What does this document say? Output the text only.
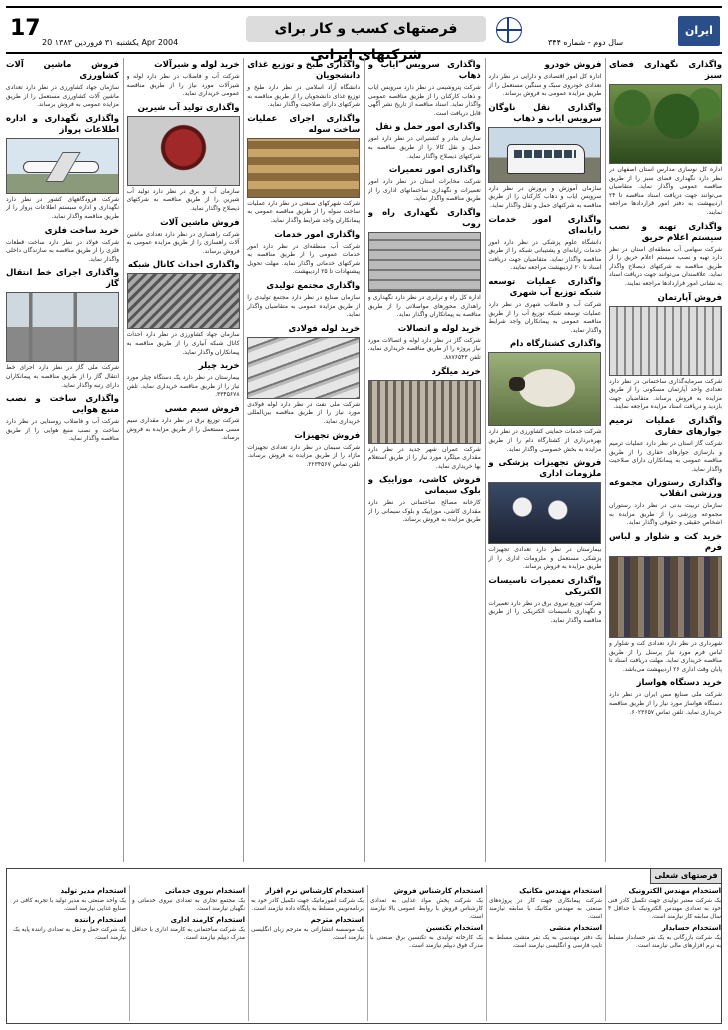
17
یکشنبه ۳۱ فروردین ۱۳۸۳ 20 Apr 2004
فرصتهای کسب و کار برای شرکتهای ایرانی
سال دوم - شماره ۳۴۴
ایران
واگذاری نگهداری فضای سبز

اداره کل نوسازی مدارس استان اصفهان در نظر دارد نگهداری فضای سبز را از طریق مناقصه عمومی واگذار نماید. متقاضیان می‌توانند جهت دریافت اسناد مناقصه تا ۲۴ اردیبهشت به دفتر امور قراردادها مراجعه نمایند.

واگذاری تهیه و نصب سیستم اعلام حریق

شرکت سهامی آب منطقه‌ای استان در نظر دارد تهیه و نصب سیستم اعلام حریق را از طریق مناقصه به شرکتهای ذیصلاح واگذار نماید. علاقمندان می‌توانند جهت دریافت اسناد به نشانی امور قراردادها مراجعه نمایند.

فروش آپارتمان

شرکت سرمایه‌گذاری ساختمانی در نظر دارد تعدادی واحد آپارتمان مسکونی را از طریق مزایده به فروش برساند. متقاضیان جهت بازدید و دریافت اسناد مزایده مراجعه نمایند.

واگذاری عملیات ترمیم جوارهای حفاری

شرکت گاز استان در نظر دارد عملیات ترمیم و بازسازی جوارهای حفاری را از طریق مناقصه عمومی به پیمانکاران دارای صلاحیت واگذار نماید.

واگذاری رستوران مجموعه ورزشی انقلاب

سازمان تربیت بدنی در نظر دارد رستوران مجموعه ورزشی را از طریق مزایده به اشخاص حقیقی و حقوقی واگذار نماید.

خرید کت و شلوار و لباس فرم

شهرداری در نظر دارد تعدادی کت و شلوار و لباس فرم مورد نیاز پرسنل را از طریق مناقصه خریداری نماید. مهلت دریافت اسناد تا پایان وقت اداری ۲۶ اردیبهشت می‌باشد.

خرید دستگاه هواساز

شرکت ملی صنایع مس ایران در نظر دارد دستگاه هواساز مورد نیاز را از طریق مناقصه خریداری نماید. تلفن تماس ۶۰۲۳۶۵۷.

فروش خودرو

اداره کل امور اقتصادی و دارایی در نظر دارد تعدادی خودروی سبک و سنگین مستعمل را از طریق مزایده عمومی به فروش برساند.

واگذاری نقل ناوگان سرویس ایاب و ذهاب

سازمان آموزش و پرورش در نظر دارد سرویس ایاب و ذهاب کارکنان را از طریق مناقصه به شرکتهای حمل و نقل واگذار نماید.

واگذاری امور خدمات رایانه‌ای

دانشگاه علوم پزشکی در نظر دارد امور خدمات رایانه‌ای و پشتیبانی شبکه را از طریق مناقصه واگذار نماید. متقاضیان جهت دریافت اسناد تا ۲۰ اردیبهشت مراجعه نمایند.

واگذاری عملیات توسعه شبکه توزیع آب شهری

شرکت آب و فاضلاب شهری در نظر دارد عملیات توسعه شبکه توزیع آب را از طریق مناقصه عمومی به پیمانکاران واجد شرایط واگذار نماید.

واگذاری کشتارگاه دام

شرکت خدمات حمایتی کشاورزی در نظر دارد بهره‌برداری از کشتارگاه دام را از طریق مزایده به بخش خصوصی واگذار نماید.

فروش تجهیزات پزشکی و ملزومات اداری

بیمارستان در نظر دارد تعدادی تجهیزات پزشکی مستعمل و ملزومات اداری را از طریق مزایده به فروش برساند.

واگذاری تعمیرات تاسیسات الکتریکی

شرکت توزیع نیروی برق در نظر دارد تعمیرات و نگهداری تاسیسات الکتریکی را از طریق مناقصه واگذار نماید.

واگذاری سرویس ایاب و ذهاب

شرکت پتروشیمی در نظر دارد سرویس ایاب و ذهاب کارکنان را از طریق مناقصه عمومی واگذار نماید. اسناد مناقصه از تاریخ نشر آگهی قابل دریافت است.

واگذاری امور حمل و نقل

سازمان بنادر و کشتیرانی در نظر دارد امور حمل و نقل کالا را از طریق مناقصه به شرکتهای ذیصلاح واگذار نماید.

واگذاری امور تعمیرات

شرکت مخابرات استان در نظر دارد امور تعمیرات و نگهداری ساختمانهای اداری را از طریق مناقصه واگذار نماید.

واگذاری نگهداری راه و روب

اداره کل راه و ترابری در نظر دارد نگهداری و راهداری محورهای مواصلاتی را از طریق مناقصه به پیمانکاران واگذار نماید.

خرید لوله و اتصالات

شرکت گاز در نظر دارد لوله و اتصالات مورد نیاز پروژه را از طریق مناقصه خریداری نماید. تلفن ۸۸۷۶۵۴۳.

خرید میلگرد

شرکت عمران شهر جدید در نظر دارد مقداری میلگرد مورد نیاز را از طریق استعلام بها خریداری نماید.

فروش کاشی، موزاییک و بلوک سیمانی

کارخانه مصالح ساختمانی در نظر دارد مقداری کاشی، موزاییک و بلوک سیمانی را از طریق مزایده به فروش برساند.

واگذاری طبخ و توزیع غذای دانشجویان

دانشگاه آزاد اسلامی در نظر دارد طبخ و توزیع غذای دانشجویان را از طریق مناقصه به شرکتهای دارای صلاحیت واگذار نماید.

واگذاری اجرای عملیات ساخت سوله

شرکت شهرکهای صنعتی در نظر دارد عملیات ساخت سوله را از طریق مناقصه عمومی به پیمانکاران واجد شرایط واگذار نماید.

واگذاری امور خدمات

شرکت آب منطقه‌ای در نظر دارد امور خدمات عمومی را از طریق مناقصه به شرکتهای خدماتی واگذار نماید. مهلت تحویل پیشنهادات تا ۲۵ اردیبهشت.

واگذاری مجتمع تولیدی

سازمان صنایع در نظر دارد مجتمع تولیدی را از طریق مزایده عمومی به متقاضیان واگذار نماید.

خرید لوله فولادی

شرکت ملی نفت در نظر دارد لوله فولادی مورد نیاز را از طریق مناقصه بین‌المللی خریداری نماید.

فروش تجهیزات

شرکت سیمان در نظر دارد تعدادی تجهیزات مازاد را از طریق مزایده به فروش برساند. تلفن تماس ۲۲۳۴۵۶۷.

خرید لوله و شیرآلات

شرکت آب و فاضلاب در نظر دارد لوله و شیرآلات مورد نیاز را از طریق مناقصه عمومی خریداری نماید.

واگذاری تولید آب شیرین

سازمان آب و برق در نظر دارد تولید آب شیرین را از طریق مناقصه به شرکتهای ذیصلاح واگذار نماید.

فروش ماشین آلات

شرکت راهسازی در نظر دارد تعدادی ماشین آلات راهسازی را از طریق مزایده عمومی به فروش برساند.

واگذاری احداث کانال شبکه

سازمان جهاد کشاورزی در نظر دارد احداث کانال شبکه آبیاری را از طریق مناقصه به پیمانکاران واگذار نماید.

خرید چیلر

بیمارستان در نظر دارد یک دستگاه چیلر مورد نیاز را از طریق مناقصه خریداری نماید. تلفن ۳۳۴۵۶۷۸.

فروش سیم مسی

شرکت توزیع برق در نظر دارد مقداری سیم مسی مستعمل را از طریق مزایده به فروش برساند.

فروش ماشین آلات کشاورزی

سازمان جهاد کشاورزی در نظر دارد تعدادی ماشین آلات کشاورزی مستعمل را از طریق مزایده عمومی به فروش برساند.

واگذاری نگهداری و اداره اطلاعات پرواز

شرکت فرودگاههای کشور در نظر دارد نگهداری و اداره سیستم اطلاعات پرواز را از طریق مناقصه واگذار نماید.

خرید ساخت فلزی

شرکت فولاد در نظر دارد ساخت قطعات فلزی را از طریق مناقصه به سازندگان داخلی واگذار نماید.

واگذاری اجرای خط انتقال گاز

شرکت ملی گاز در نظر دارد اجرای خط انتقال گاز را از طریق مناقصه به پیمانکاران دارای رتبه واگذار نماید.

واگذاری ساخت و نصب منبع هوایی

شرکت آب و فاضلاب روستایی در نظر دارد ساخت و نصب منبع هوایی را از طریق مناقصه واگذار نماید.

فرصتهای شغلی
استخدام مهندس الکترونیک

یک شرکت معتبر تولیدی جهت تکمیل کادر فنی خود به تعدادی مهندس الکترونیک با حداقل ۳ سال سابقه کار نیازمند است.

استخدام حسابدار

یک شرکت بازرگانی به یک نفر حسابدار مسلط به نرم افزارهای مالی نیازمند است.

استخدام مهندس مکانیک

شرکت پیمانکاری جهت کار در پروژه‌های صنعتی به مهندس مکانیک با سابقه نیازمند است.

استخدام منشی

یک دفتر مهندسی به یک نفر منشی مسلط به تایپ فارسی و انگلیسی نیازمند است.

استخدام کارشناس فروش

یک شرکت پخش مواد غذایی به تعدادی کارشناس فروش با روابط عمومی بالا نیازمند است.

استخدام تکنسین

یک کارخانه تولیدی به تکنسین برق صنعتی با مدرک فوق دیپلم نیازمند است.

استخدام کارشناس نرم افزار

یک شرکت انفورماتیک جهت تکمیل کادر خود به برنامه‌نویس مسلط به پایگاه داده نیازمند است.

استخدام مترجم

یک موسسه انتشاراتی به مترجم زبان انگلیسی نیازمند است.

استخدام نیروی خدماتی

یک مجتمع تجاری به تعدادی نیروی خدماتی و نگهبان نیازمند است.

استخدام کارمند اداری

یک شرکت ساختمانی به کارمند اداری با حداقل مدرک دیپلم نیازمند است.

استخدام مدیر تولید

یک واحد صنعتی به مدیر تولید با تجربه کافی در صنایع غذایی نیازمند است.

استخدام راننده

یک شرکت حمل و نقل به تعدادی راننده پایه یک نیازمند است.
